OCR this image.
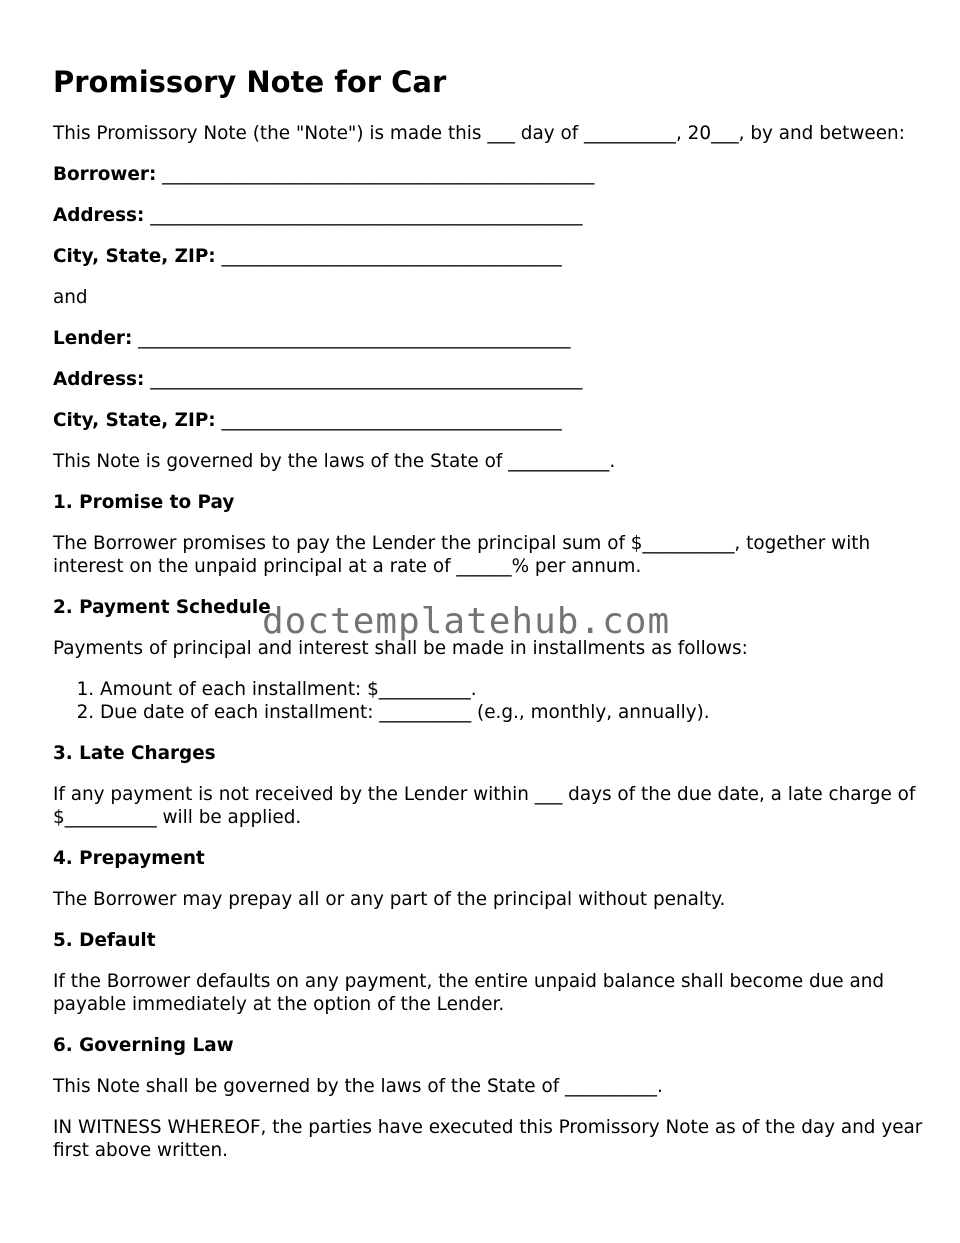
Promissory Note for Car

This Promissory Note (the "Note") is made this ___ day of __________, 20___, by and between:

Borrower: _______________________________________________

Address: _______________________________________________

City, State, ZIP: _____________________________________

and

Lender: _______________________________________________

Address: _______________________________________________

City, State, ZIP: _____________________________________

This Note is governed by the laws of the State of ___________.

1. Promise to Pay

The Borrower promises to pay the Lender the principal sum of $__________, together with interest on the unpaid principal at a rate of ______% per annum.

2. Payment Schedule

Payments of principal and interest shall be made in installments as follows:

1. Amount of each installment: $__________.
2. Due date of each installment: __________ (e.g., monthly, annually).
3. Late Charges

If any payment is not received by the Lender within ___ days of the due date, a late charge of $__________ will be applied.

4. Prepayment

The Borrower may prepay all or any part of the principal without penalty.

5. Default

If the Borrower defaults on any payment, the entire unpaid balance shall become due and payable immediately at the option of the Lender.

6. Governing Law

This Note shall be governed by the laws of the State of __________.

IN WITNESS WHEREOF, the parties have executed this Promissory Note as of the day and year first above written.

doctemplatehub.com
